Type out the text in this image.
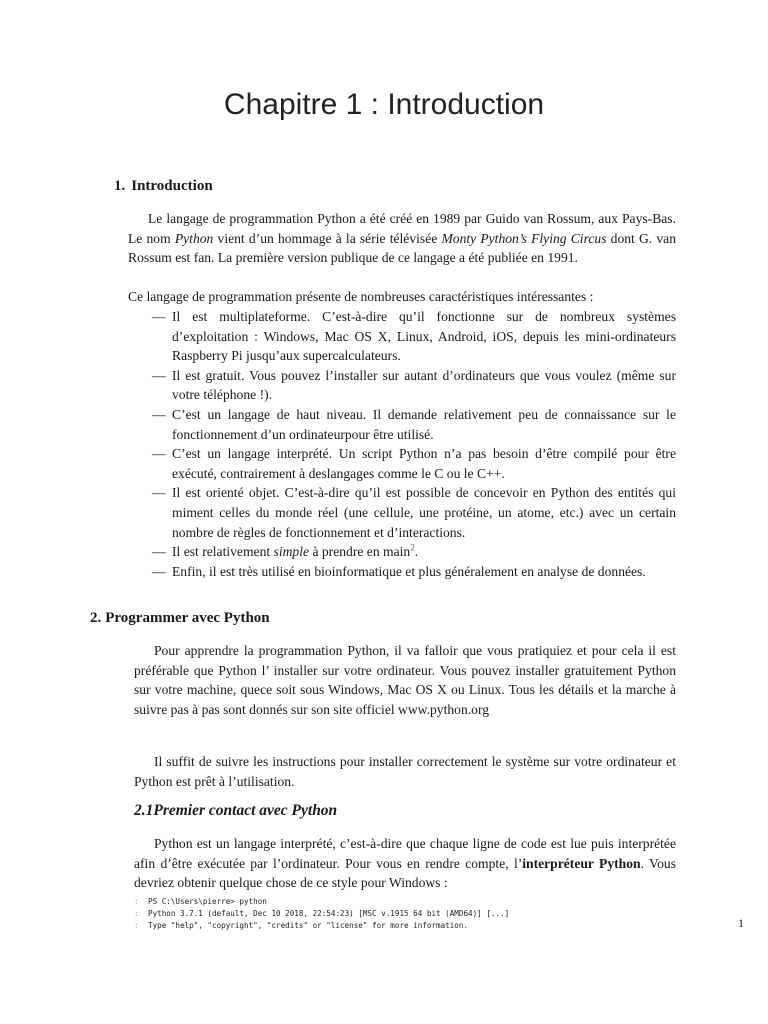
Chapitre 1 : Introduction
1. Introduction

Le langage de programmation Python a été créé en 1989 par Guido van Rossum, aux Pays-Bas. Le nom Python vient d’un hommage à la série télévisée Monty Python’s Flying Circus dont G. van Rossum est fan. La première version publique de ce langage a été publiée en 1991.

Ce langage de programmation présente de nombreuses caractéristiques intéressantes :
— Il est multiplateforme. C’est-à-dire qu’il fonctionne sur de nombreux systèmes d’exploitation : Windows, Mac OS X, Linux, Android, iOS, depuis les mini-ordinateurs Raspberry Pi jusqu’aux supercalculateurs.
— Il est gratuit. Vous pouvez l’installer sur autant d’ordinateurs que vous voulez (même sur votre téléphone !).
— C’est un langage de haut niveau. Il demande relativement peu de connaissance sur le fonctionnement d’un ordinateurpour être utilisé.
— C’est un langage interprété. Un script Python n’a pas besoin d’être compilé pour être exécuté, contrairement à deslangages comme le C ou le C++.
— Il est orienté objet. C’est-à-dire qu’il est possible de concevoir en Python des entités qui miment celles du monde réel (une cellule, une protéine, un atome, etc.) avec un certain nombre de règles de fonctionnement et d’interactions.
— Il est relativement simple à prendre en main$^2$.
— Enfin, il est très utilisé en bioinformatique et plus généralement en analyse de données.
2. Programmer avec Python

Pour apprendre la programmation Python, il va falloir que vous pratiquiez et pour cela il est préférable que Python l’ installer sur votre ordinateur. Vous pouvez installer gratuitement Python sur votre machine, quece soit sous Windows, Mac OS X ou Linux. Tous les détails et la marche à suivre pas à pas sont donnés sur son site officiel www.python.org

Il suffit de suivre les instructions pour installer correctement le système sur votre ordinateur et Python est prêt à l’utilisation.

2.1Premier contact avec Python

Python est un langage interprété, c’est-à-dire que chaque ligne de code est lue puis interprétée afin d’être exécutée par l’ordinateur. Pour vous en rendre compte, l’interpréteur Python. Vous devriez obtenir quelque chose de ce style pour Windows :

: PS C:\Users\pierre> python
: Python 3.7.1 (default, Dec 10 2018, 22:54:23) [MSC v.1915 64 bit (AMD64)] [...]
: Type "help", "copyright", "credits" or "license" for more information.	1
